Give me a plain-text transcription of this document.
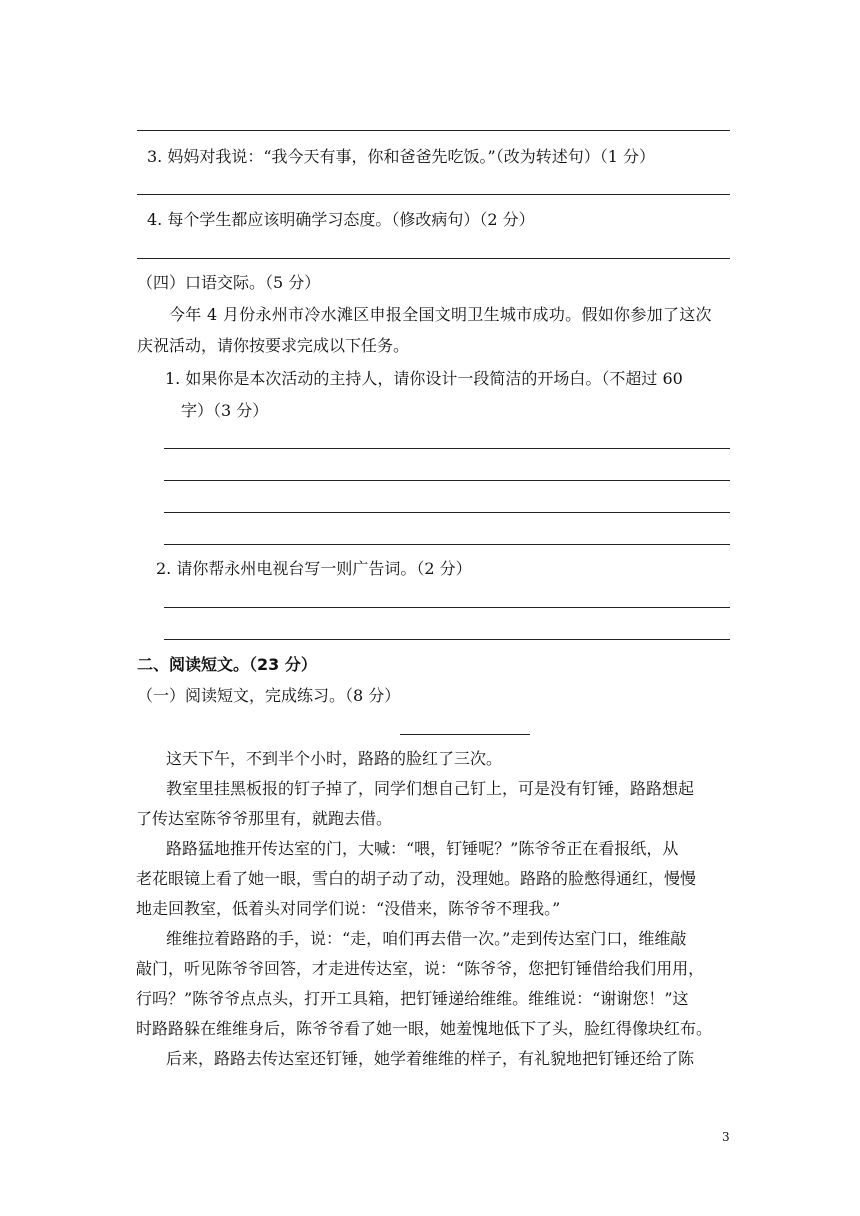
3. 妈妈对我说：“我今天有事，你和爸爸先吃饭。”（改为转述句）（1 分）
4. 每个学生都应该明确学习态度。（修改病句）（2 分）
（四）口语交际。（5 分）
今年 4 月份永州市冷水滩区申报全国文明卫生城市成功。假如你参加了这次
庆祝活动，请你按要求完成以下任务。
1. 如果你是本次活动的主持人，请你设计一段简洁的开场白。（不超过 60
字）（3 分）
2. 请你帮永州电视台写一则广告词。（2 分）
二、阅读短文。（23 分）
（一）阅读短文，完成练习。（8 分）
这天下午，不到半个小时，路路的脸红了三次。
教室里挂黑板报的钉子掉了，同学们想自己钉上，可是没有钉锤，路路想起
了传达室陈爷爷那里有，就跑去借。
路路猛地推开传达室的门，大喊：“喂，钉锤呢？”陈爷爷正在看报纸，从
老花眼镜上看了她一眼，雪白的胡子动了动，没理她。路路的脸憋得通红，慢慢
地走回教室，低着头对同学们说：“没借来，陈爷爷不理我。”
维维拉着路路的手，说：“走，咱们再去借一次。”走到传达室门口，维维敲
敲门，听见陈爷爷回答，才走进传达室，说：“陈爷爷，您把钉锤借给我们用用，
行吗？”陈爷爷点点头，打开工具箱，把钉锤递给维维。维维说：“谢谢您！”这
时路路躲在维维身后，陈爷爷看了她一眼，她羞愧地低下了头，脸红得像块红布。
后来，路路去传达室还钉锤，她学着维维的样子，有礼貌地把钉锤还给了陈
3
